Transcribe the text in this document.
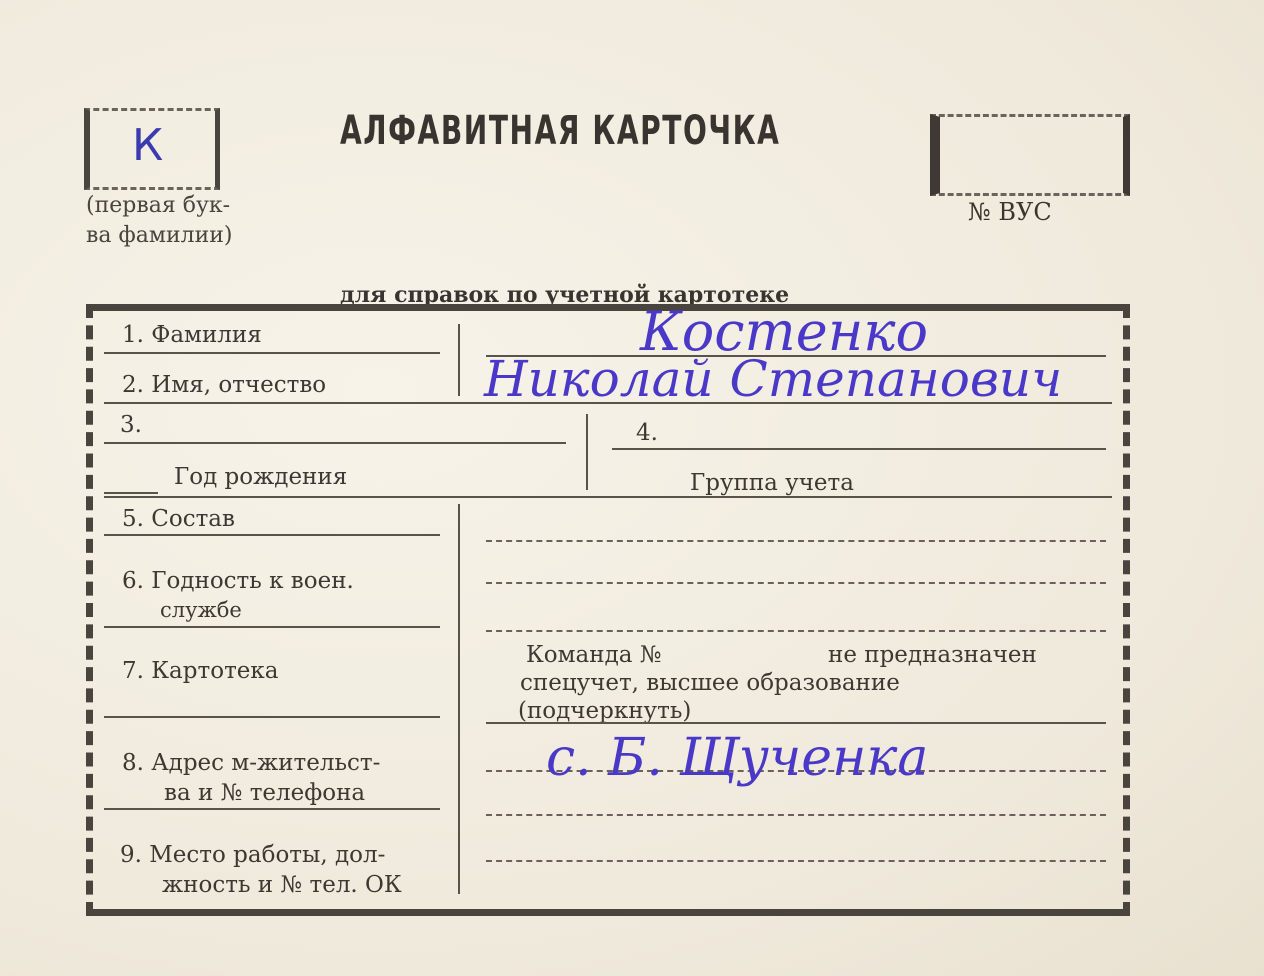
К
(первая бук-
ва фамилии)
АЛФАВИТНАЯ КАРТОЧКА
№ ВУС
для справок по учетной картотеке
1. Фамилия	Костенко
2. Имя, отчество	Николай Степанович
3.	4.
Год рождения	Группа учета
5. Состав
6. Годность к воен.
службе
7. Картотека
Команда №	не предназначен
спецучет, высшее образование
(подчеркнуть)
8. Адрес м-жительст-
ва и № телефона
с. Б. Щученка
9. Место работы, дол-
жность и № тел. ОК
